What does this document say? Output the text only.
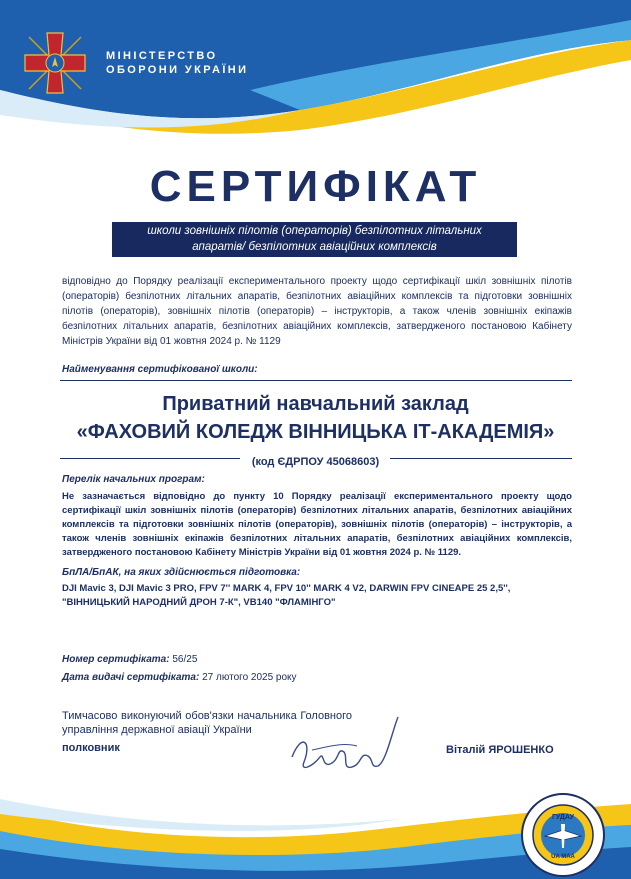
МІНІСТЕРСТВО
ОБОРОНИ УКРАЇНИ
СЕРТИФІКАТ
школи зовнішніх пілотів (операторів) безпілотних літальних
апаратів/ безпілотних авіаційних комплексів
відповідно до Порядку реалізації експериментального проекту щодо сертифікації шкіл зовнішніх пілотів (операторів) безпілотних літальних апаратів, безпілотних авіаційних комплексів та підготовки зовнішніх пілотів (операторів), зовнішніх пілотів (операторів) – інструкторів, а також членів зовнішніх екіпажів безпілотних літальних апаратів, безпілотних авіаційних комплексів, затвердженого постановою Кабінету Міністрів України від 01 жовтня 2024 р. № 1129
Найменування сертифікованої школи:
Приватний навчальний заклад
«ФАХОВИЙ КОЛЕДЖ ВІННИЦЬКА ІТ-АКАДЕМІЯ»
(код ЄДРПОУ 45068603)
Перелік начальних програм:
Не зазначається відповідно до пункту 10 Порядку реалізації експериментального проекту щодо сертифікації шкіл зовнішніх пілотів (операторів) безпілотних літальних апаратів, безпілотних авіаційних комплексів та підготовки зовнішніх пілотів (операторів), зовнішніх пілотів (операторів) – інструкторів, а також членів зовнішніх екіпажів безпілотних літальних апаратів, безпілотних авіаційних комплексів, затвердженого постановою Кабінету Міністрів України від 01 жовтня 2024 р. № 1129.
БпЛА/БпАК, на яких здійснюється підготовка:
DJI Mavic 3, DJI Mavic 3 PRO, FPV 7'' MARK 4, FPV 10'' MARK 4 V2, DARWIN FPV CINEAPE 25 2,5'', "ВІННИЦЬКИЙ НАРОДНИЙ ДРОН 7-К", VB140 "ФЛАМІНГО"
Номер сертифіката: 56/25
Дата видачі сертифіката: 27 лютого 2025 року
Тимчасово виконуючий обов'язки начальника Головного управління державної авіації України
полковник	Віталій ЯРОШЕНКО
ГУДАУ
UA MAA
